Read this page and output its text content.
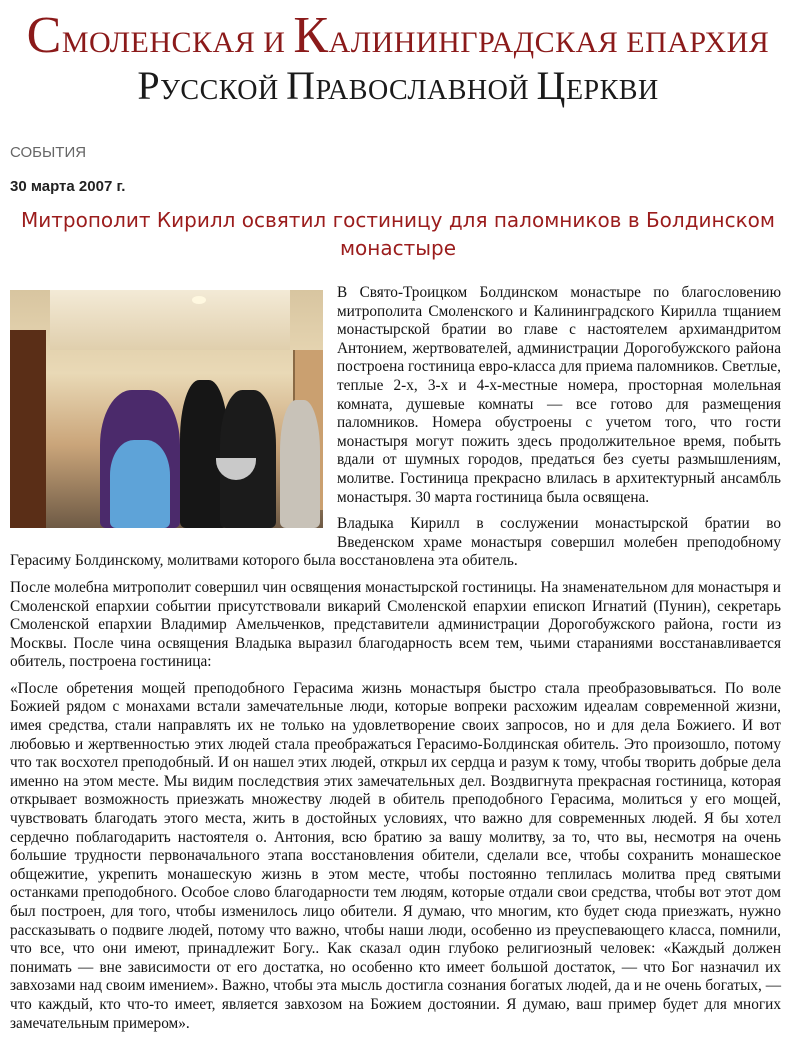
СМОЛЕНСКАЯ И КАЛИНИНГРАДСКАЯ ЕПАРХИЯ
РУССКОЙ ПРАВОСЛАВНОЙ ЦЕРКВИ
СОБЫТИЯ
30 марта 2007 г.
Митрополит Кирилл освятил гостиницу для паломников в Болдинском монастыре

В Свято-Троицком Болдинском монастыре по благословению митрополита Смоленского и Калининградского Кирилла тщанием монастырской братии во главе с настоятелем архимандритом Антонием, жертвователей, администрации Дорогобужского района построена гостиница евро-класса для приема паломников. Светлые, теплые 2-х, 3-х и 4-х-местные номера, просторная молельная комната, душевые комнаты — все готово для размещения паломников. Номера обустроены с учетом того, что гости монастыря могут пожить здесь продолжительное время, побыть вдали от шумных городов, предаться без суеты размышлениям, молитве. Гостиница прекрасно влилась в архитектурный ансамбль монастыря. 30 марта гостиница была освящена.

Владыка Кирилл в сослужении монастырской братии во Введенском храме монастыря совершил молебен преподобному Герасиму Болдинскому, молитвами которого была восстановлена эта обитель.

После молебна митрополит совершил чин освящения монастырской гостиницы. На знаменательном для монастыря и Смоленской епархии событии присутствовали викарий Смоленской епархии епископ Игнатий (Пунин), секретарь Смоленской епархии Владимир Амельченков, представители администрации Дорогобужского района, гости из Москвы. После чина освящения Владыка выразил благодарность всем тем, чьими стараниями восстанавливается обитель, построена гостиница:

«После обретения мощей преподобного Герасима жизнь монастыря быстро стала преобразовываться. По воле Божией рядом с монахами встали замечательные люди, которые вопреки расхожим идеалам современной жизни, имея средства, стали направлять их не только на удовлетворение своих запросов, но и для дела Божиего. И вот любовью и жертвенностью этих людей стала преображаться Герасимо-Болдинская обитель. Это произошло, потому что так восхотел преподобный. И он нашел этих людей, открыл их сердца и разум к тому, чтобы творить добрые дела именно на этом месте. Мы видим последствия этих замечательных дел. Воздвигнута прекрасная гостиница, которая открывает возможность приезжать множеству людей в обитель преподобного Герасима, молиться у его мощей, чувствовать благодать этого места, жить в достойных условиях, что важно для современных людей. Я бы хотел сердечно поблагодарить настоятеля о. Антония, всю братию за вашу молитву, за то, что вы, несмотря на очень большие трудности первоначального этапа восстановления обители, сделали все, чтобы сохранить монашеское общежитие, укрепить монашескую жизнь в этом месте, чтобы постоянно теплилась молитва пред святыми останками преподобного. Особое слово благодарности тем людям, которые отдали свои средства, чтобы вот этот дом был построен, для того, чтобы изменилось лицо обители. Я думаю, что многим, кто будет сюда приезжать, нужно рассказывать о подвиге людей, потому что важно, чтобы наши люди, особенно из преуспевающего класса, помнили, что все, что они имеют, принадлежит Богу.. Как сказал один глубоко религиозный человек: «Каждый должен понимать — вне зависимости от его достатка, но особенно кто имеет большой достаток, — что Бог назначил их завхозами над своим имением». Важно, чтобы эта мысль достигла сознания богатых людей, да и не очень богатых, — что каждый, кто что-то имеет, является завхозом на Божием достоянии. Я думаю, ваш пример будет для многих замечательным примером».
